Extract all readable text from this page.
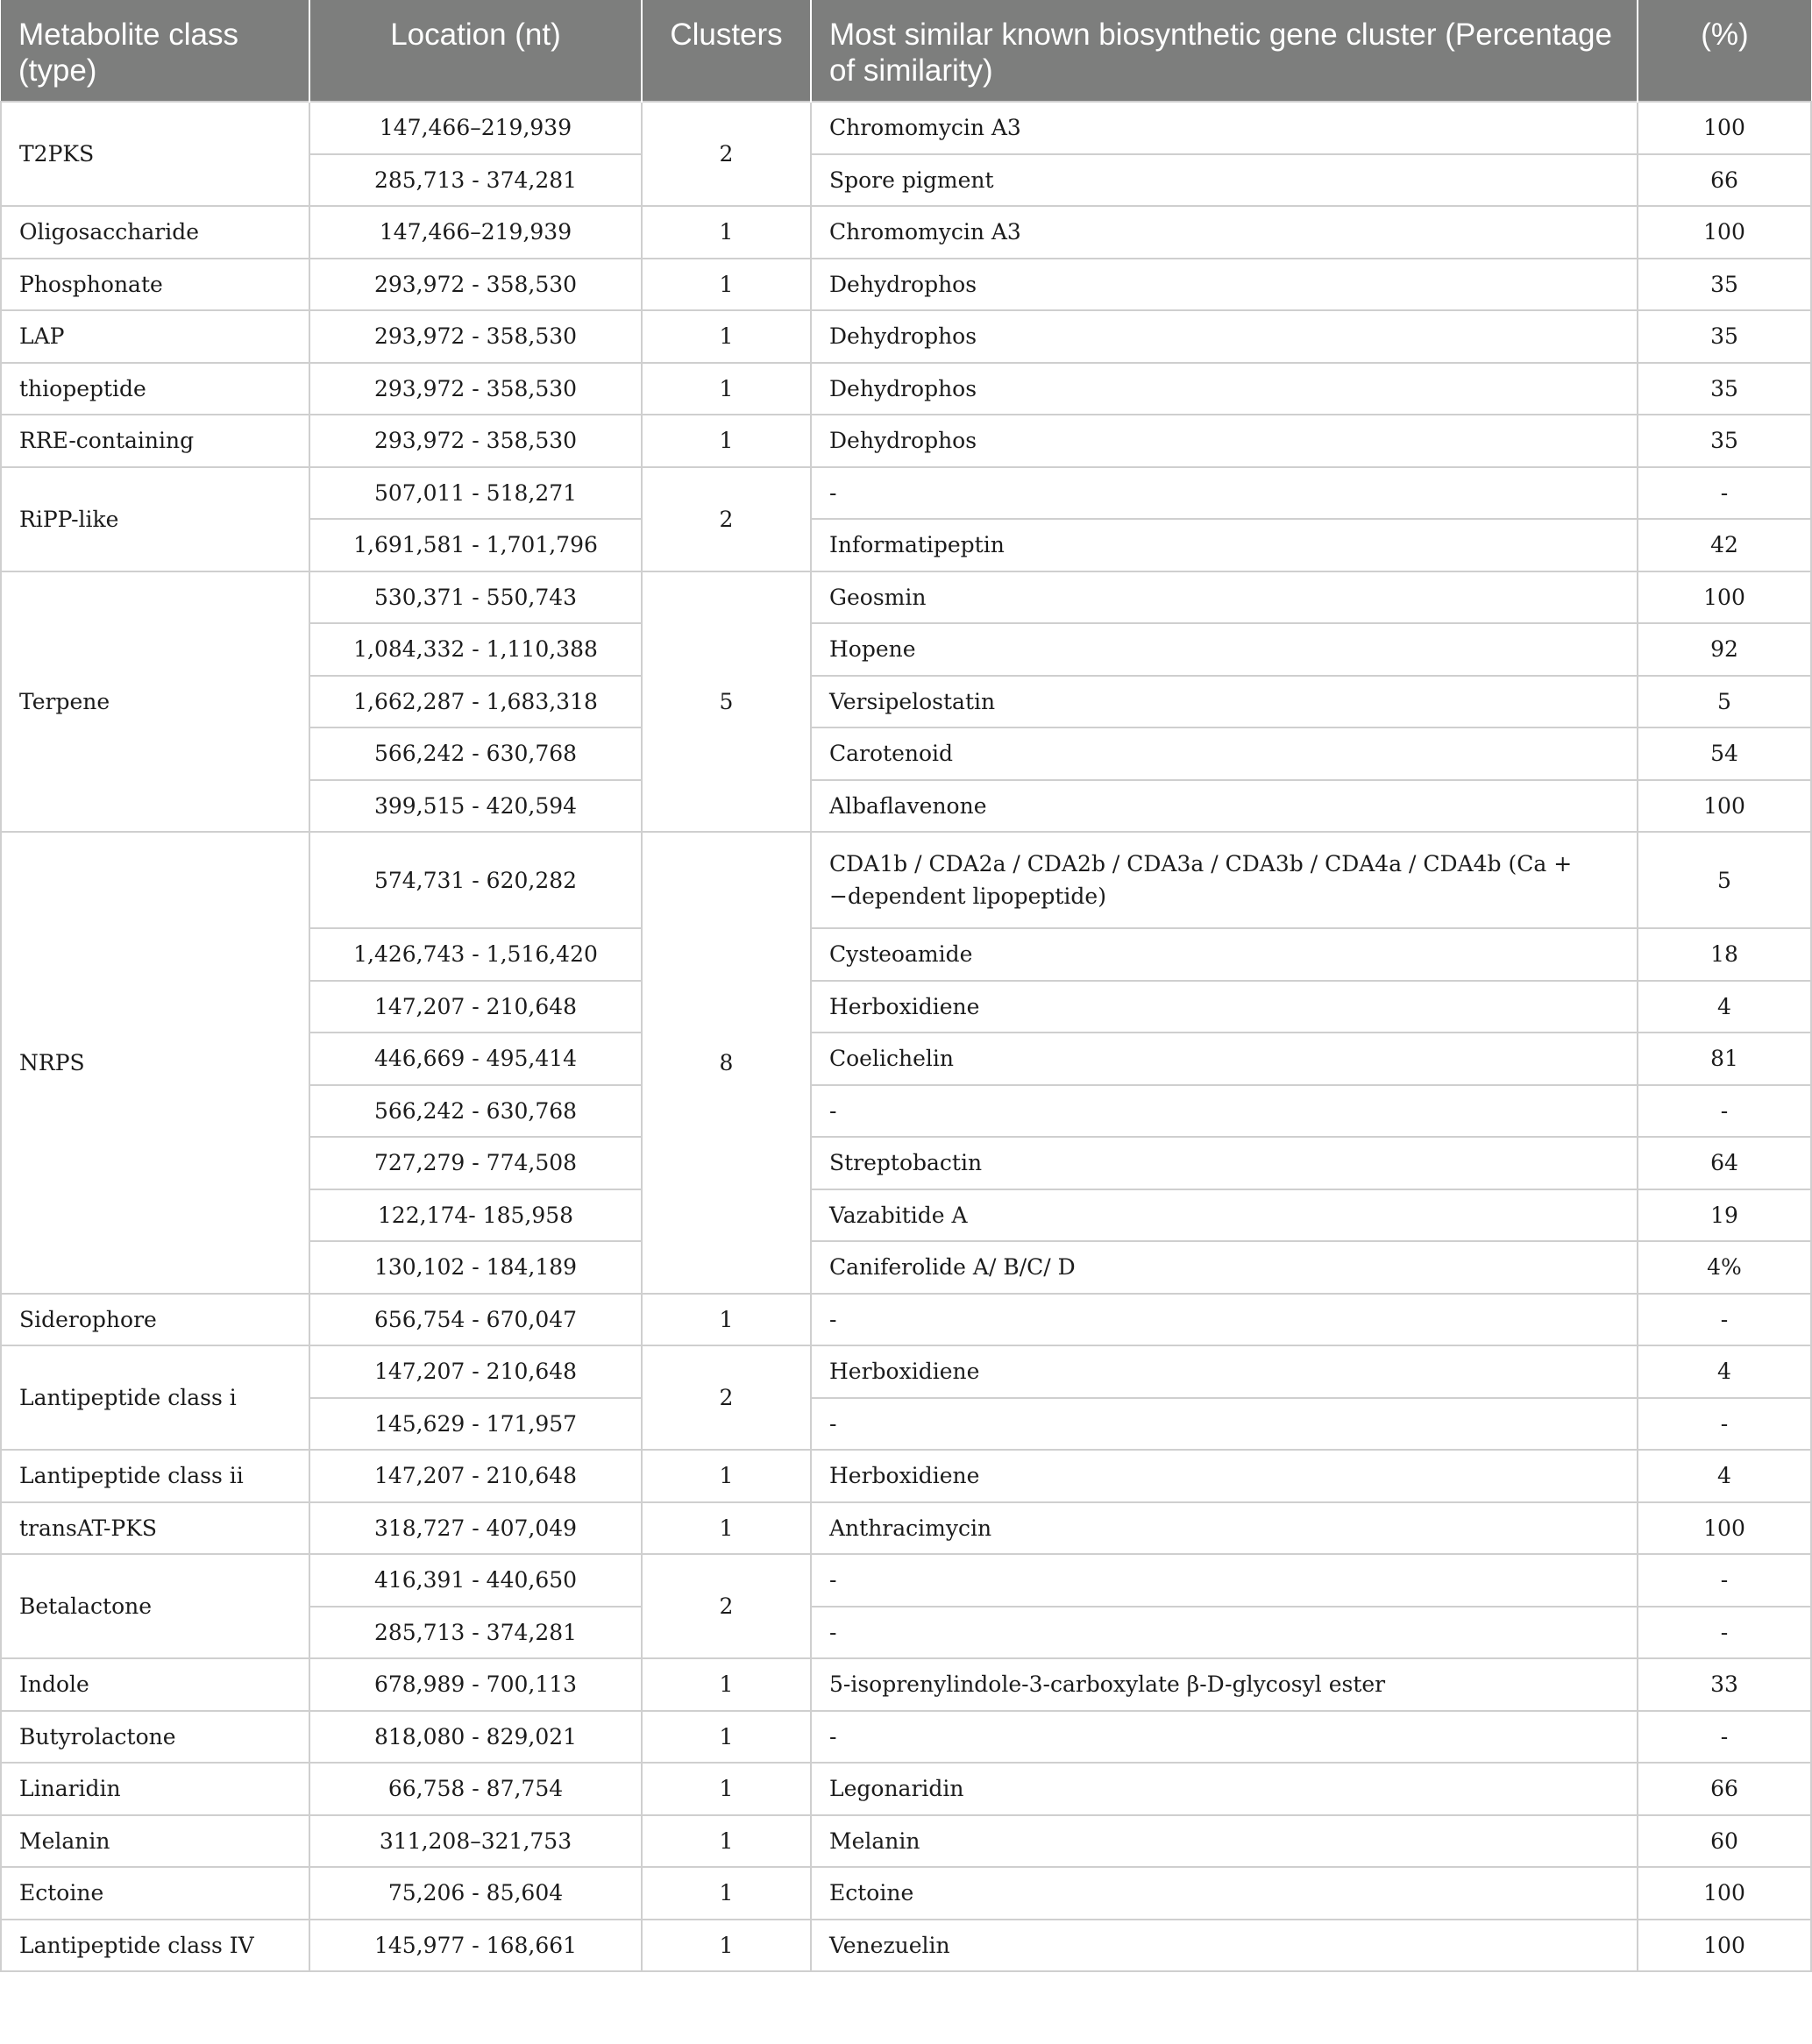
Metabolite class (type)	Location (nt)	Clusters	Most similar known biosynthetic gene cluster (Percentage of similarity)	(%)
T2PKS	147,466–219,939	2	Chromomycin A3	100
	285,713 - 374,281		Spore pigment	66
Oligosaccharide	147,466–219,939	1	Chromomycin A3	100
Phosphonate	293,972 - 358,530	1	Dehydrophos	35
LAP	293,972 - 358,530	1	Dehydrophos	35
thiopeptide	293,972 - 358,530	1	Dehydrophos	35
RRE-containing	293,972 - 358,530	1	Dehydrophos	35
RiPP-like	507,011 - 518,271	2	-	-
	1,691,581 - 1,701,796		Informatipeptin	42
Terpene	530,371 - 550,743	5	Geosmin	100
	1,084,332 - 1,110,388		Hopene	92
	1,662,287 - 1,683,318		Versipelostatin	5
	566,242 - 630,768		Carotenoid	54
	399,515 - 420,594		Albaflavenone	100
NRPS	574,731 - 620,282	8	CDA1b / CDA2a / CDA2b / CDA3a / CDA3b / CDA4a / CDA4b (Ca + −dependent lipopeptide)	5
	1,426,743 - 1,516,420		Cysteoamide	18
	147,207 - 210,648		Herboxidiene	4
	446,669 - 495,414		Coelichelin	81
	566,242 - 630,768		-	-
	727,279 - 774,508		Streptobactin	64
	122,174- 185,958		Vazabitide A	19
	130,102 - 184,189		Caniferolide A/ B/C/ D	4%
Siderophore	656,754 - 670,047	1	-	-
Lantipeptide class i	147,207 - 210,648	2	Herboxidiene	4
	145,629 - 171,957		-	-
Lantipeptide class ii	147,207 - 210,648	1	Herboxidiene	4
transAT-PKS	318,727 - 407,049	1	Anthracimycin	100
Betalactone	416,391 - 440,650	2	-	-
	285,713 - 374,281		-	-
Indole	678,989 - 700,113	1	5-isoprenylindole-3-carboxylate β-D-glycosyl ester	33
Butyrolactone	818,080 - 829,021	1	-	-
Linaridin	66,758 - 87,754	1	Legonaridin	66
Melanin	311,208–321,753	1	Melanin	60
Ectoine	75,206 - 85,604	1	Ectoine	100
Lantipeptide class IV	145,977 - 168,661	1	Venezuelin	100
